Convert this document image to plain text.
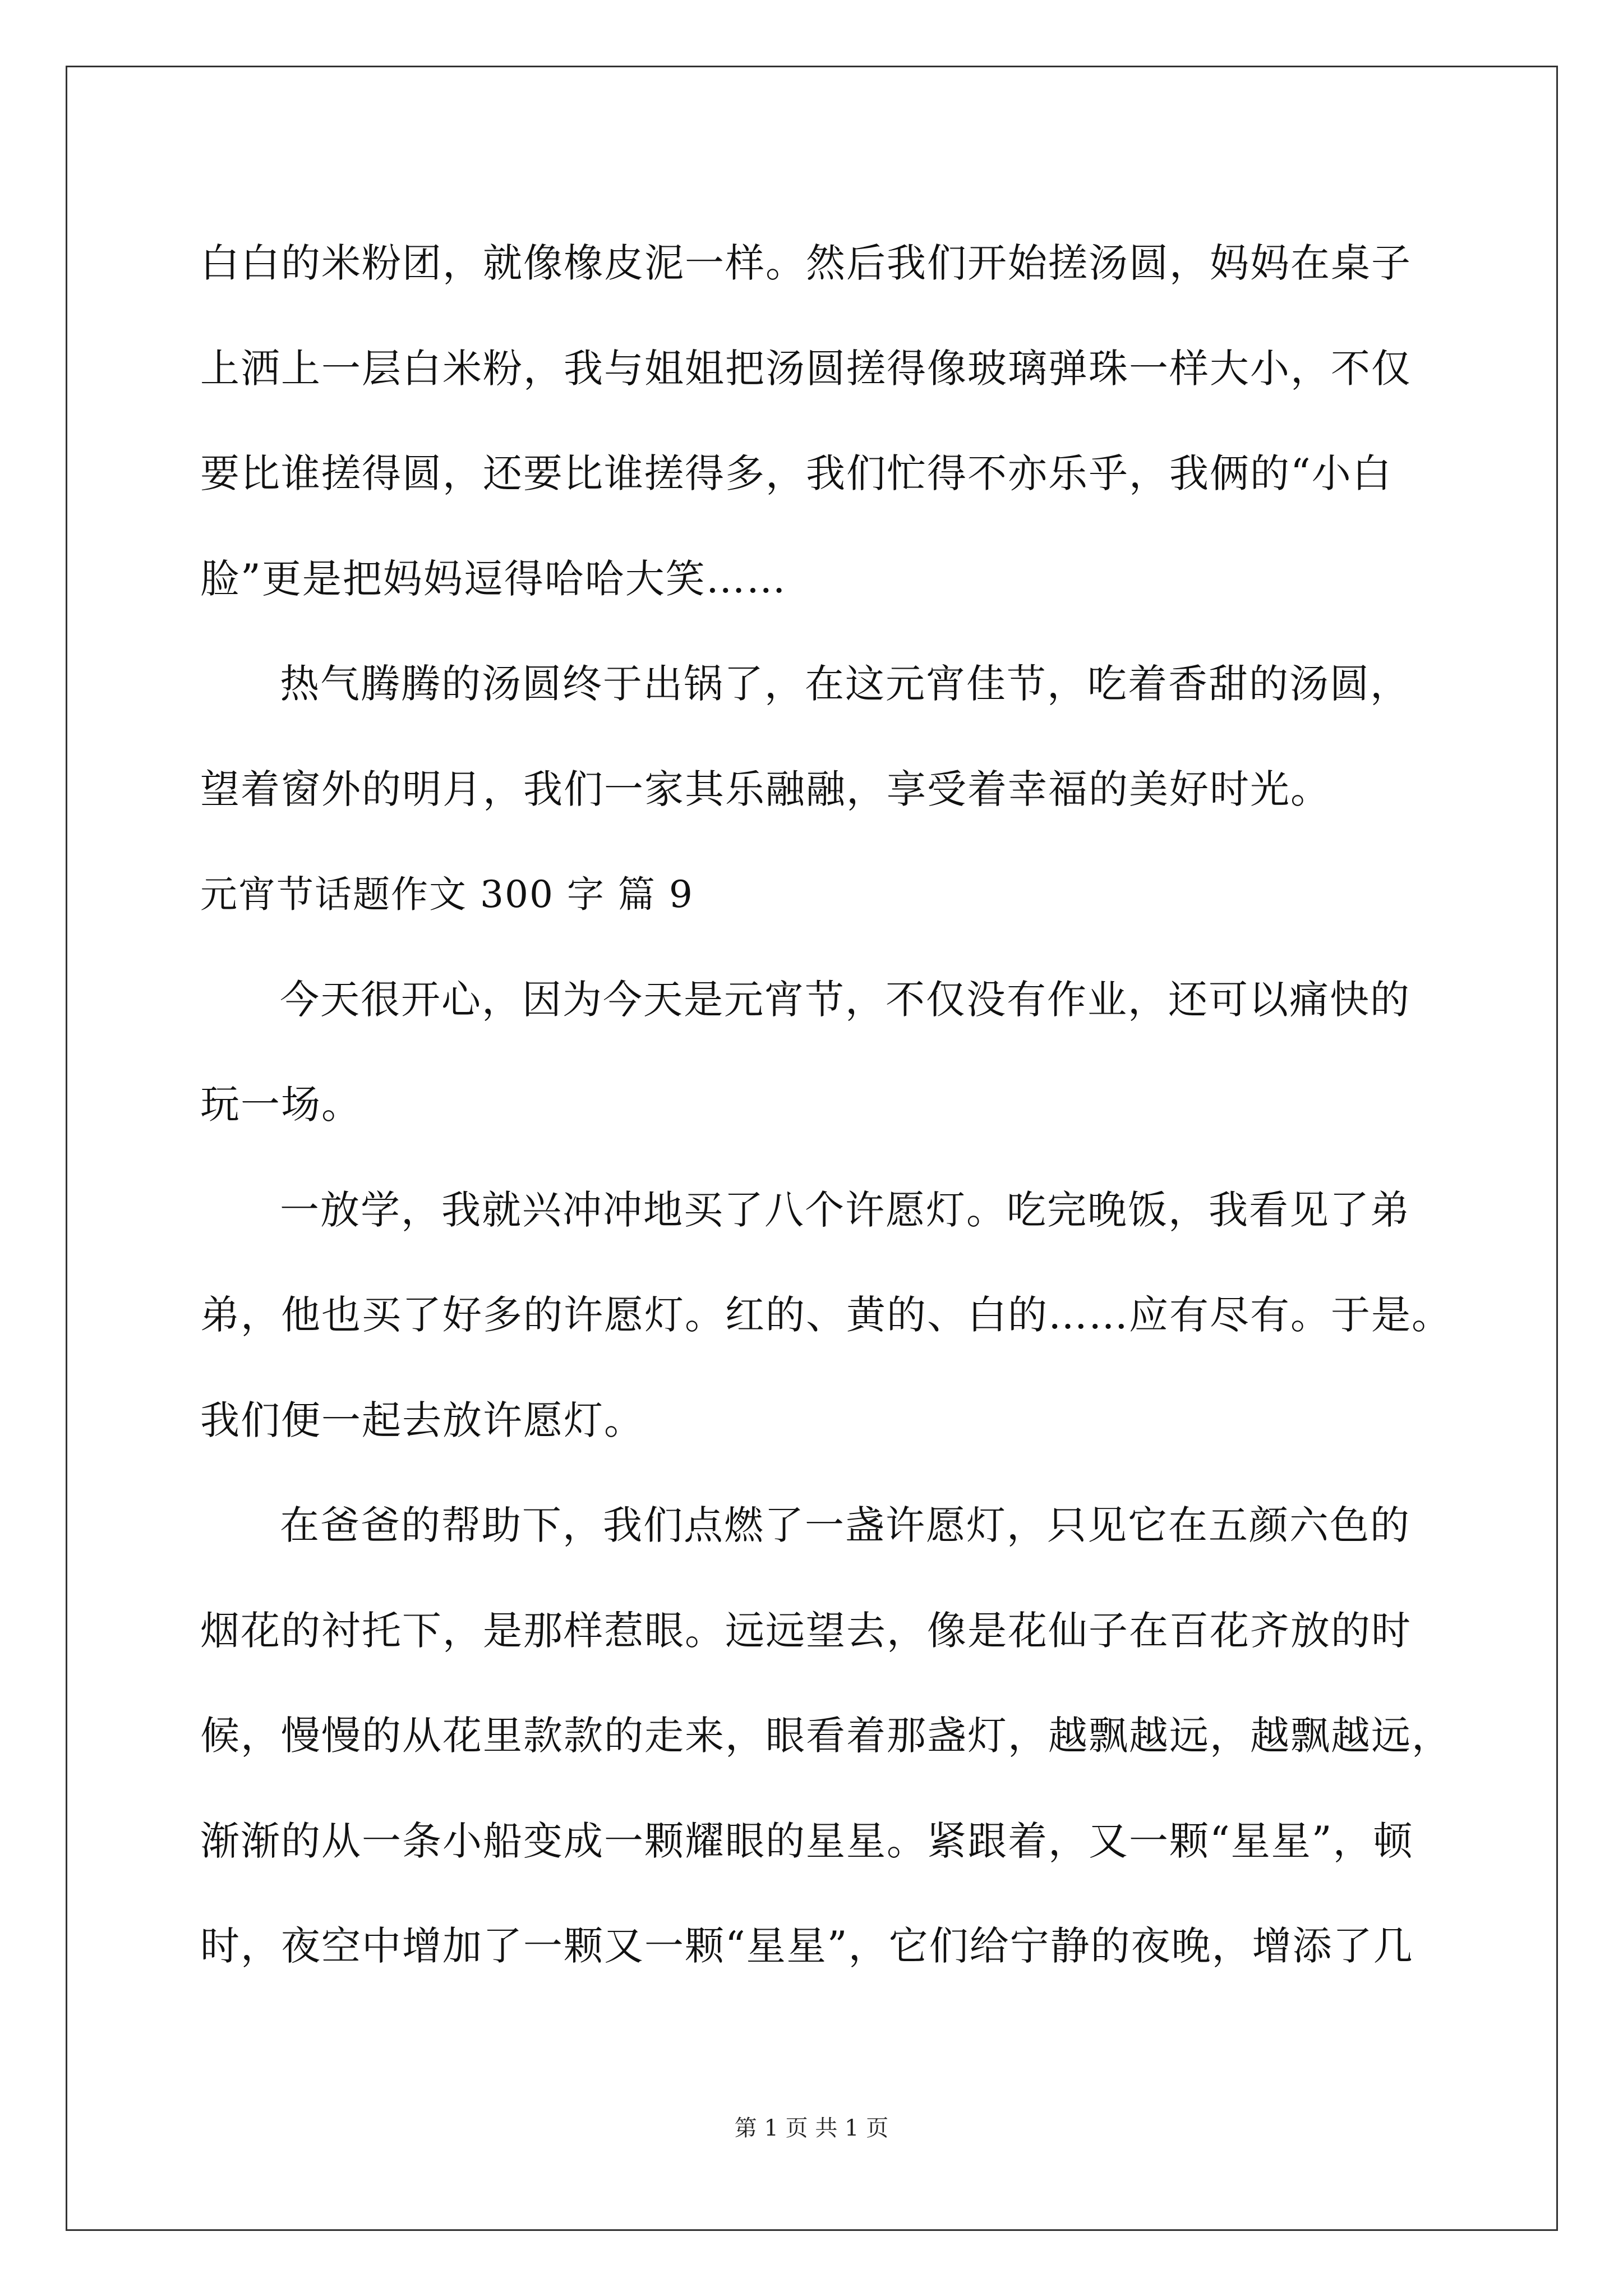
白白的米粉团，就像橡皮泥一样。然后我们开始搓汤圆，妈妈在桌子
上洒上一层白米粉，我与姐姐把汤圆搓得像玻璃弹珠一样大小，不仅
要比谁搓得圆，还要比谁搓得多，我们忙得不亦乐乎，我俩的“小白
脸”更是把妈妈逗得哈哈大笑……
热气腾腾的汤圆终于出锅了，在这元宵佳节，吃着香甜的汤圆，
望着窗外的明月，我们一家其乐融融，享受着幸福的美好时光。
元宵节话题作文 300 字 篇 9
今天很开心，因为今天是元宵节，不仅没有作业，还可以痛快的
玩一场。
一放学，我就兴冲冲地买了八个许愿灯。吃完晚饭，我看见了弟
弟，他也买了好多的许愿灯。红的、黄的、白的……应有尽有。于是。
我们便一起去放许愿灯。
在爸爸的帮助下，我们点燃了一盏许愿灯，只见它在五颜六色的
烟花的衬托下，是那样惹眼。远远望去，像是花仙子在百花齐放的时
候，慢慢的从花里款款的走来，眼看着那盏灯，越飘越远，越飘越远，
渐渐的从一条小船变成一颗耀眼的星星。紧跟着，又一颗“星星”，顿
时，夜空中增加了一颗又一颗“星星”，它们给宁静的夜晚，增添了几
第 1 页 共 1 页
